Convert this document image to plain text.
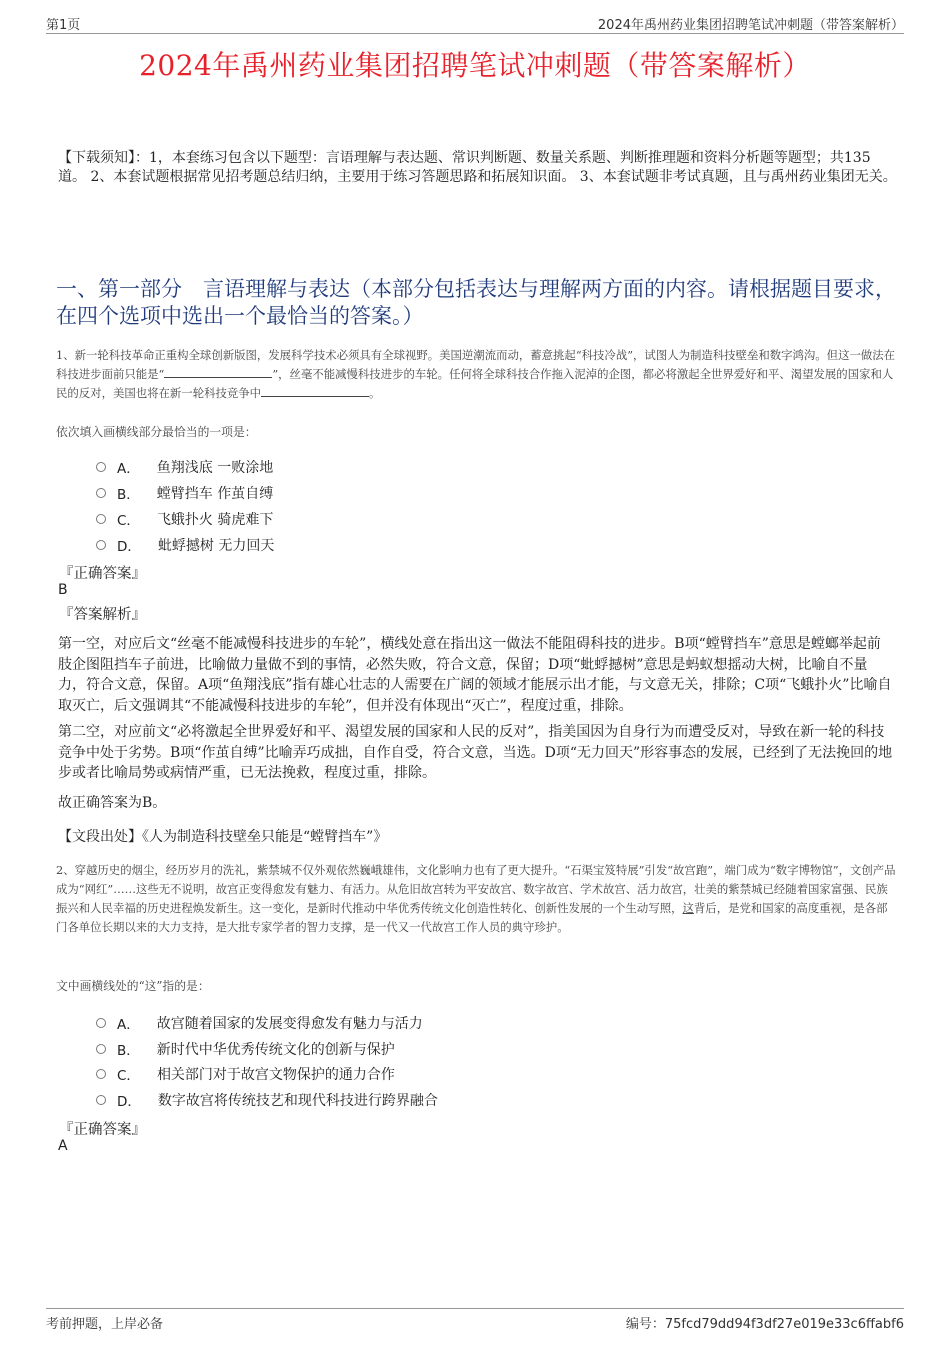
第1页	2024年禹州药业集团招聘笔试冲刺题（带答案解析）
2024年禹州药业集团招聘笔试冲刺题（带答案解析）
【下载须知】：1，本套练习包含以下题型：言语理解与表达题、常识判断题、数量关系题、判断推理题和资料分析题等题型；共135道。 2、本套试题根据常见招考题总结归纳，主要用于练习答题思路和拓展知识面。 3、本套试题非考试真题，且与禹州药业集团无关。
一、第一部分　言语理解与表达（本部分包括表达与理解两方面的内容。请根据题目要求，在四个选项中选出一个最恰当的答案。）
1、新一轮科技革命正重构全球创新版图，发展科学技术必须具有全球视野。美国逆潮流而动，蓄意挑起“科技冷战”，试图人为制造科技壁垒和数字鸿沟。但这一做法在科技进步面前只能是“	”，丝毫不能减慢科技进步的车轮。任何将全球科技合作拖入泥淖的企图，都必将激起全世界爱好和平、渴望发展的国家和人民的反对，美国也将在新一轮科技竞争中	。
依次填入画横线部分最恰当的一项是：
A． 鱼翔浅底 一败涂地
B． 螳臂挡车 作茧自缚
C． 飞蛾扑火 骑虎难下
D． 蚍蜉撼树 无力回天
『正确答案』
B
『答案解析』
第一空，对应后文“丝毫不能减慢科技进步的车轮”，横线处意在指出这一做法不能阻碍科技的进步。B项“螳臂挡车”意思是螳螂举起前肢企图阻挡车子前进，比喻做力量做不到的事情，必然失败，符合文意，保留；D项“蚍蜉撼树”意思是蚂蚁想摇动大树，比喻自不量力，符合文意，保留。A项“鱼翔浅底”指有雄心壮志的人需要在广阔的领域才能展示出才能，与文意无关，排除；C项“飞蛾扑火”比喻自取灭亡，后文强调其“不能减慢科技进步的车轮”，但并没有体现出“灭亡”，程度过重，排除。
第二空，对应前文“必将激起全世界爱好和平、渴望发展的国家和人民的反对”，指美国因为自身行为而遭受反对，导致在新一轮的科技竞争中处于劣势。B项“作茧自缚”比喻弄巧成拙，自作自受，符合文意，当选。D项“无力回天”形容事态的发展，已经到了无法挽回的地步或者比喻局势或病情严重，已无法挽救，程度过重，排除。
故正确答案为B。
【文段出处】《人为制造科技壁垒只能是“螳臂挡车”》
2、穿越历史的烟尘，经历岁月的洗礼，紫禁城不仅外观依然巍峨雄伟，文化影响力也有了更大提升。“石渠宝笈特展”引发“故宫跑”，端门成为“数字博物馆”，文创产品成为“网红”……这些无不说明，故宫正变得愈发有魅力、有活力。从危旧故宫转为平安故宫、数字故宫、学术故宫、活力故宫，壮美的紫禁城已经随着国家富强、民族振兴和人民幸福的历史进程焕发新生。这一变化，是新时代推动中华优秀传统文化创造性转化、创新性发展的一个生动写照，这背后，是党和国家的高度重视，是各部门各单位长期以来的大力支持，是大批专家学者的智力支撑，是一代又一代故宫工作人员的典守珍护。
文中画横线处的“这”指的是：
A． 故宫随着国家的发展变得愈发有魅力与活力
B． 新时代中华优秀传统文化的创新与保护
C． 相关部门对于故宫文物保护的通力合作
D． 数字故宫将传统技艺和现代科技进行跨界融合
『正确答案』
A
考前押题，上岸必备	编号：75fcd79dd94f3df27e019e33c6ffabf6
